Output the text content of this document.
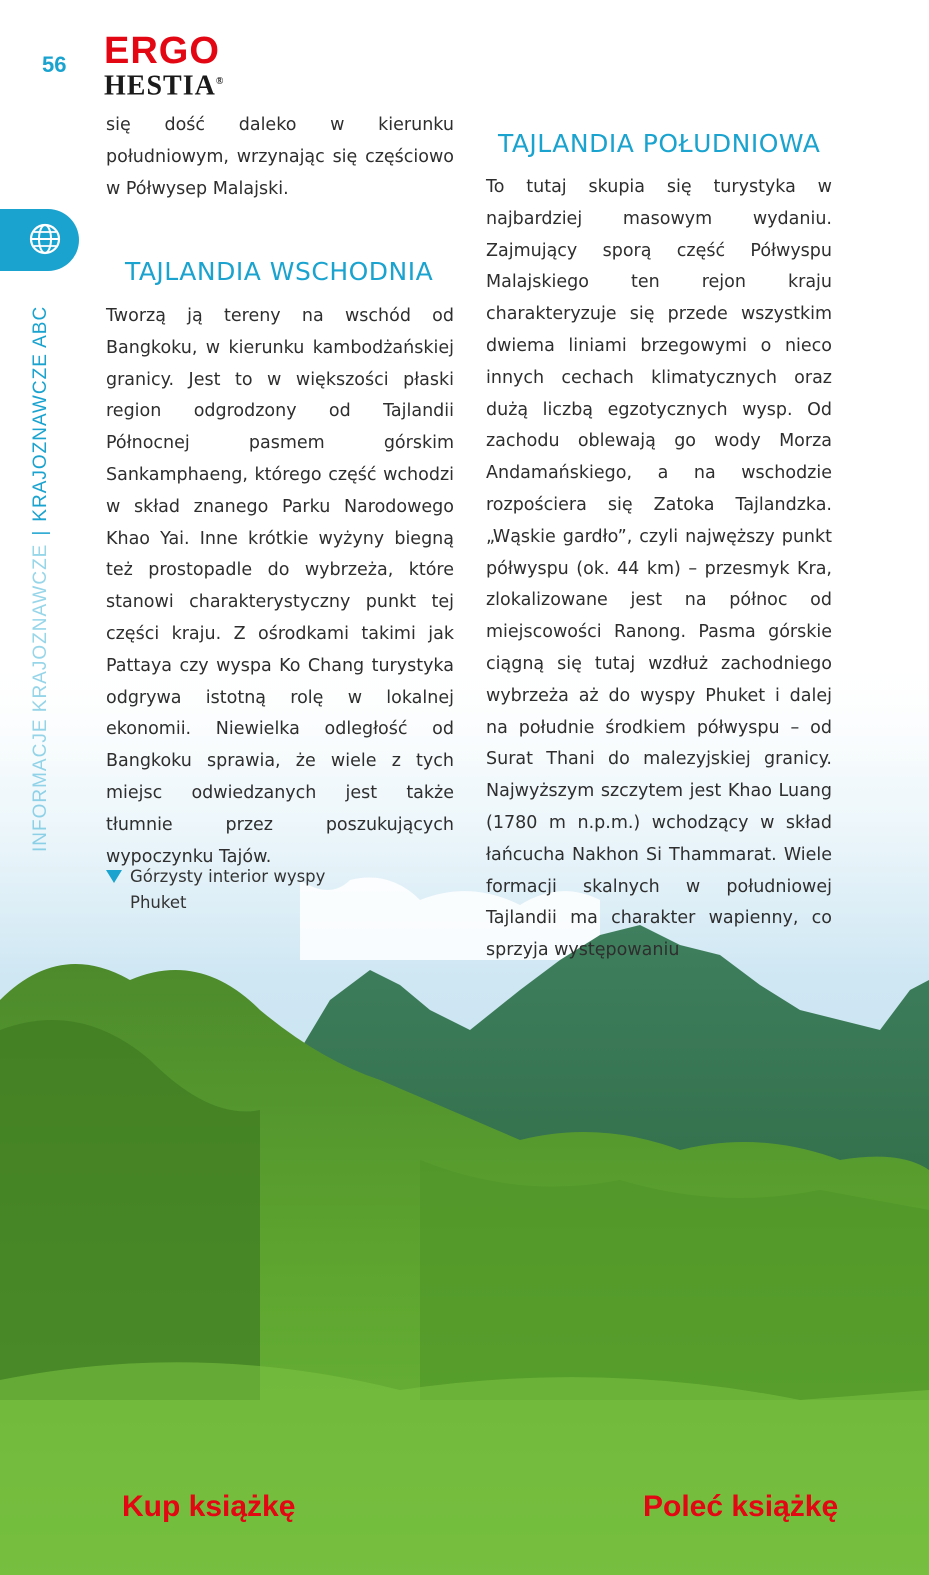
56 ERGO
HESTIA®
INFORMACJE KRAJOZNAWCZE|KRAJOZNAWCZE ABC

się dość daleko w kierunku południowym, wrzynając się częściowo w Półwysep Malajski.

TAJLANDIA WSCHODNIA

Tworzą ją tereny na wschód od Bangkoku, w kierunku kambodżańskiej granicy. Jest to w większości płaski region odgrodzony od Tajlandii Północnej pasmem górskim Sankamphaeng, którego część wchodzi w skład znanego Parku Narodowego Khao Yai. Inne krótkie wyżyny biegną też prostopadle do wybrzeża, które stanowi charakterystyczny punkt tej części kraju. Z ośrodkami takimi jak Pattaya czy wyspa Ko Chang turystyka odgrywa istotną rolę w lokalnej ekonomii. Niewielka odległość od Bangkoku sprawia, że wiele z tych miejsc odwiedzanych jest także tłumnie przez poszukujących wypoczynku Tajów.

TAJLANDIA POŁUDNIOWA

To tutaj skupia się turystyka w najbardziej masowym wydaniu. Zajmujący sporą część Półwyspu Malajskiego ten rejon kraju charakteryzuje się przede wszystkim dwiema liniami brzegowymi o nieco innych cechach klimatycznych oraz dużą liczbą egzotycznych wysp. Od zachodu oblewają go wody Morza Andamańskiego, a na wschodzie rozpościera się Zatoka Tajlandzka. „Wąskie gardło”, czyli najwęższy punkt półwyspu (ok. 44 km) – przesmyk Kra, zlokalizowane jest na północ od miejscowości Ranong. Pasma górskie ciągną się tutaj wzdłuż zachodniego wybrzeża aż do wyspy Phuket i dalej na południe środkiem półwyspu – od Surat Thani do malezyjskiej granicy. Najwyższym szczytem jest Khao Luang (1780 m n.p.m.) wchodzący w skład łańcucha Nakhon Si Thammarat. Wiele formacji skalnych w południowej Tajlandii ma charakter wapienny, co sprzyja występowaniu

Górzysty interior wyspy Phuket
Kup książkę	Poleć książkę
